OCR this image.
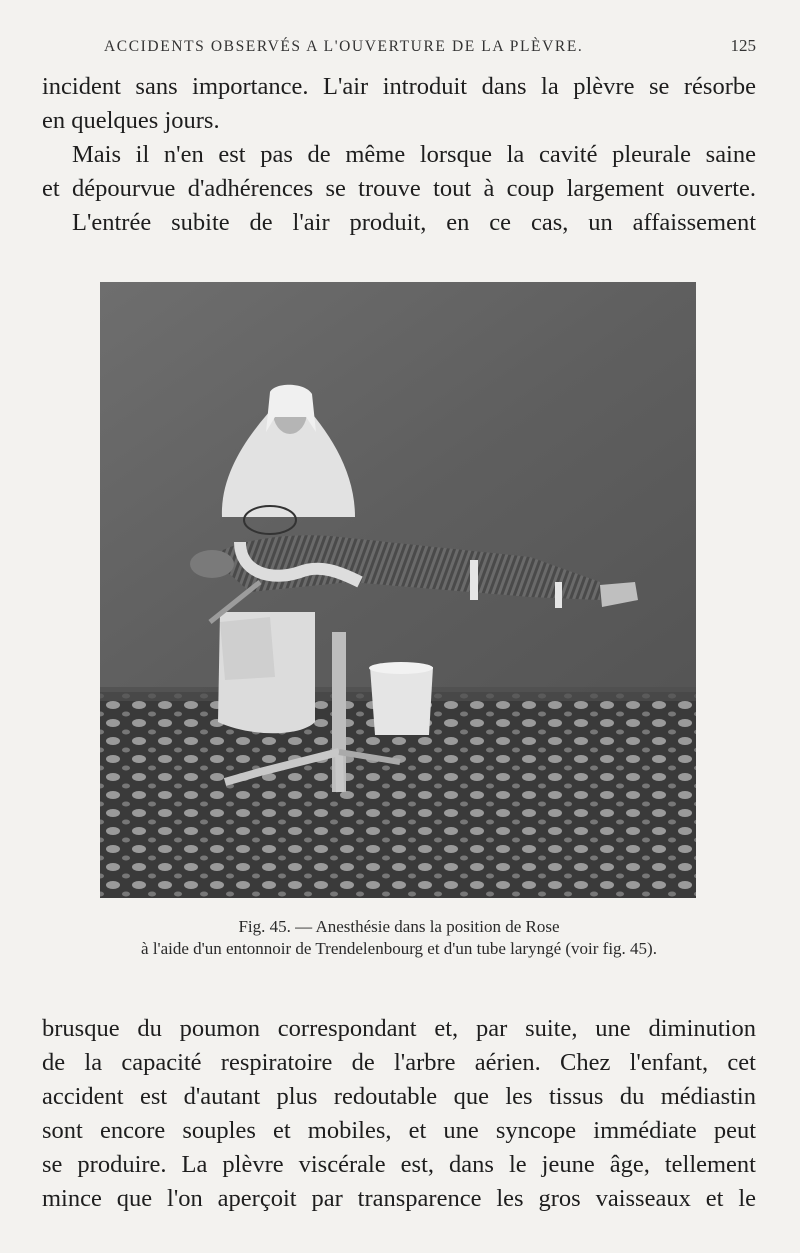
ACCIDENTS OBSERVÉS A L'OUVERTURE DE LA PLÈVRE.	125
incident sans importance. L'air introduit dans la plèvre se résorbe
en quelques jours.
Mais il n'en est pas de même lorsque la cavité pleurale saine
et dépourvue d'adhérences se trouve tout à coup largement ouverte.
L'entrée subite de l'air produit, en ce cas, un affaissement
Fig. 45. — Anesthésie dans la position de Rose
à l'aide d'un entonnoir de Trendelenbourg et d'un tube laryngé (voir fig. 45).
brusque du poumon correspondant et, par suite, une diminution
de la capacité respiratoire de l'arbre aérien. Chez l'enfant, cet
accident est d'autant plus redoutable que les tissus du médiastin
sont encore souples et mobiles, et une syncope immédiate peut
se produire. La plèvre viscérale est, dans le jeune âge, tellement
mince que l'on aperçoit par transparence les gros vaisseaux et le
